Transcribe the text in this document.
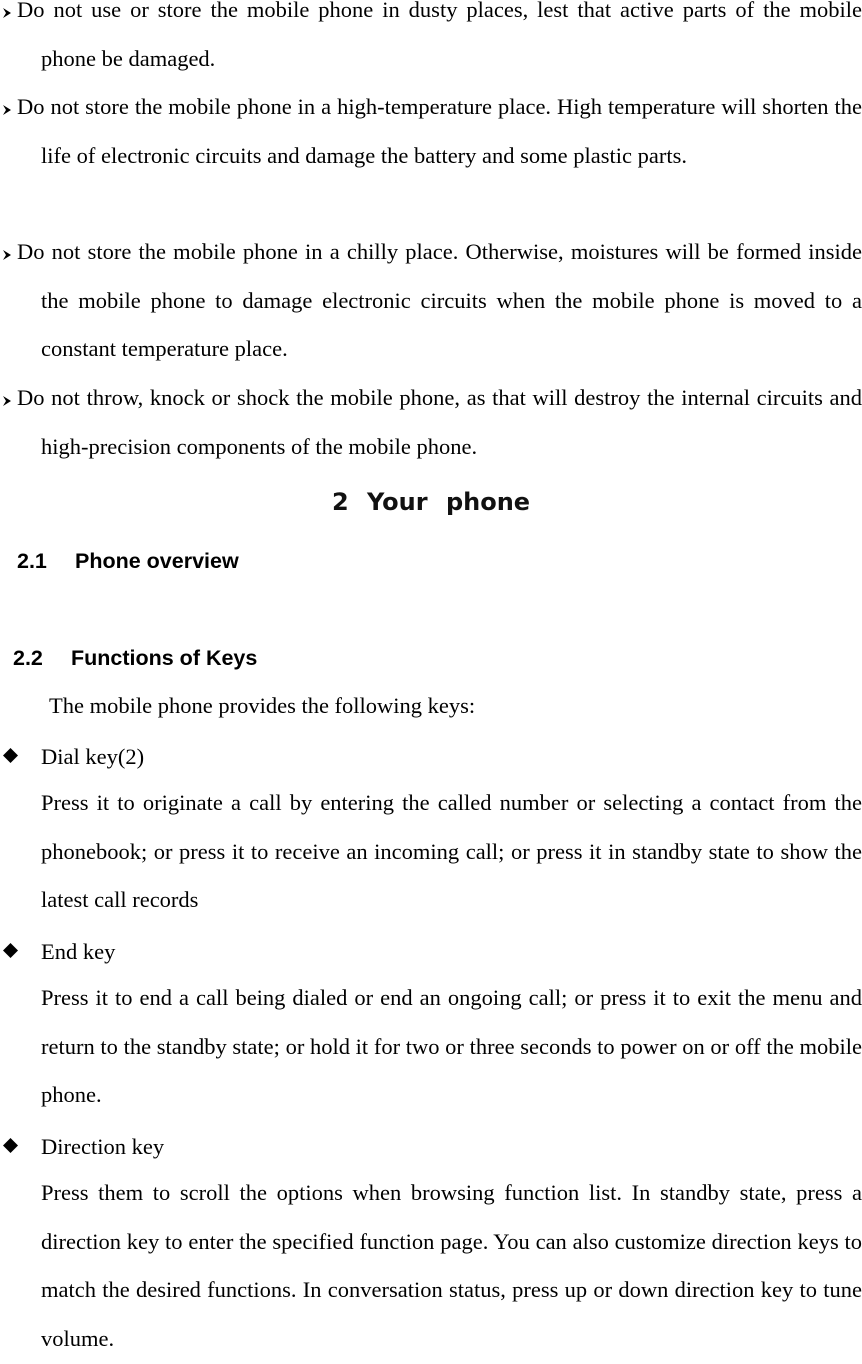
Do not use or store the mobile phone in dusty places, lest that active parts of the mobile phone be damaged.
Do not store the mobile phone in a high-temperature place. High temperature will shorten the life of electronic circuits and damage the battery and some plastic parts.
Do not store the mobile phone in a chilly place. Otherwise, moistures will be formed inside the mobile phone to damage electronic circuits when the mobile phone is moved to a constant temperature place.
Do not throw, knock or shock the mobile phone, as that will destroy the internal circuits and high-precision components of the mobile phone.
2 Your phone
2.1 Phone overview
2.2 Functions of Keys
The mobile phone provides the following keys:
Dial key(2)
Press it to originate a call by entering the called number or selecting a contact from the phonebook; or press it to receive an incoming call; or press it in standby state to show the latest call records
End key
Press it to end a call being dialed or end an ongoing call; or press it to exit the menu and return to the standby state; or hold it for two or three seconds to power on or off the mobile phone.
Direction key
Press them to scroll the options when browsing function list. In standby state, press a direction key to enter the specified function page. You can also customize direction keys to match the desired functions. In conversation status, press up or down direction key to tune volume.
